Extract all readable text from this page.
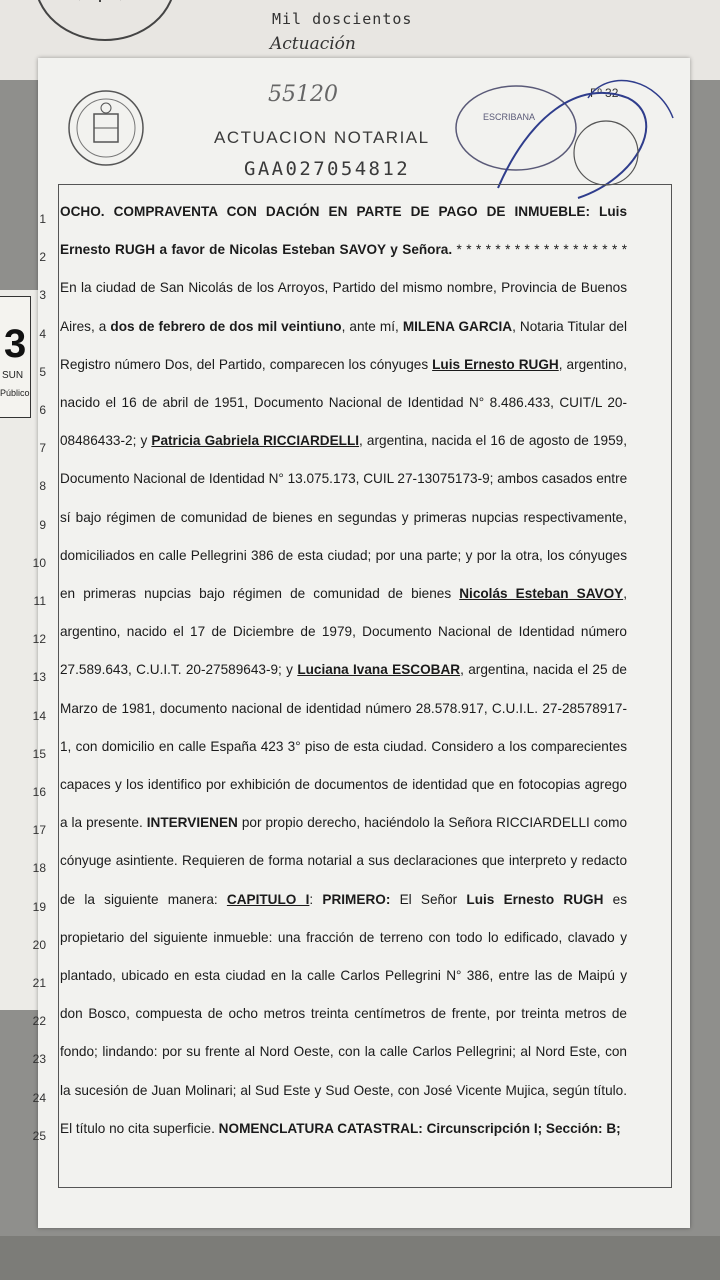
Mil doscientos
Actuación
3
SUN
Público
55120	Fº 32
ACTUACION NOTARIAL
GAA027054812
ESCRIBANA
1 OCHO. COMPRAVENTA CON DACIÓN EN PARTE DE PAGO DE INMUEBLE: Luis
2 Ernesto RUGH a favor de Nicolas Esteban SAVOY y Señora. * * * * * * * * * * * * * * * * * *
3 En la ciudad de San Nicolás de los Arroyos, Partido del mismo nombre, Provincia de Buenos
4 Aires, a dos de febrero de dos mil veintiuno, ante mí, MILENA GARCIA, Notaria Titular del
5 Registro número Dos, del Partido, comparecen los cónyuges Luis Ernesto RUGH, argentino,
6 nacido el 16 de abril de 1951, Documento Nacional de Identidad N° 8.486.433, CUIT/L 20-
7 08486433-2; y Patricia Gabriela RICCIARDELLI, argentina, nacida el 16 de agosto de 1959,
8 Documento Nacional de Identidad N° 13.075.173, CUIL 27-13075173-9; ambos casados entre
9 sí bajo régimen de comunidad de bienes en segundas y primeras nupcias respectivamente,
10 domiciliados en calle Pellegrini 386 de esta ciudad; por una parte; y por la otra, los cónyuges
11 en primeras nupcias bajo régimen de comunidad de bienes Nicolás Esteban SAVOY,
12 argentino, nacido el 17 de Diciembre de 1979, Documento Nacional de Identidad número
13 27.589.643, C.U.I.T. 20-27589643-9; y Luciana Ivana ESCOBAR, argentina, nacida el 25 de
14 Marzo de 1981, documento nacional de identidad número 28.578.917, C.U.I.L. 27-28578917-
15 1, con domicilio en calle España 423 3° piso de esta ciudad. Considero a los comparecientes
16 capaces y los identifico por exhibición de documentos de identidad que en fotocopias agrego
17 a la presente. INTERVIENEN por propio derecho, haciéndolo la Señora RICCIARDELLI como
18 cónyuge asintiente. Requieren de forma notarial a sus declaraciones que interpreto y redacto
19 de la siguiente manera: CAPITULO I: PRIMERO: El Señor Luis Ernesto RUGH es
20 propietario del siguiente inmueble: una fracción de terreno con todo lo edificado, clavado y
21 plantado, ubicado en esta ciudad en la calle Carlos Pellegrini N° 386, entre las de Maipú y
22 don Bosco, compuesta de ocho metros treinta centímetros de frente, por treinta metros de
23 fondo; lindando: por su frente al Nord Oeste, con la calle Carlos Pellegrini; al Nord Este, con
24 la sucesión de Juan Molinari; al Sud Este y Sud Oeste, con José Vicente Mujica, según título.
25 El título no cita superficie. NOMENCLATURA CATASTRAL: Circunscripción I; Sección: B;
